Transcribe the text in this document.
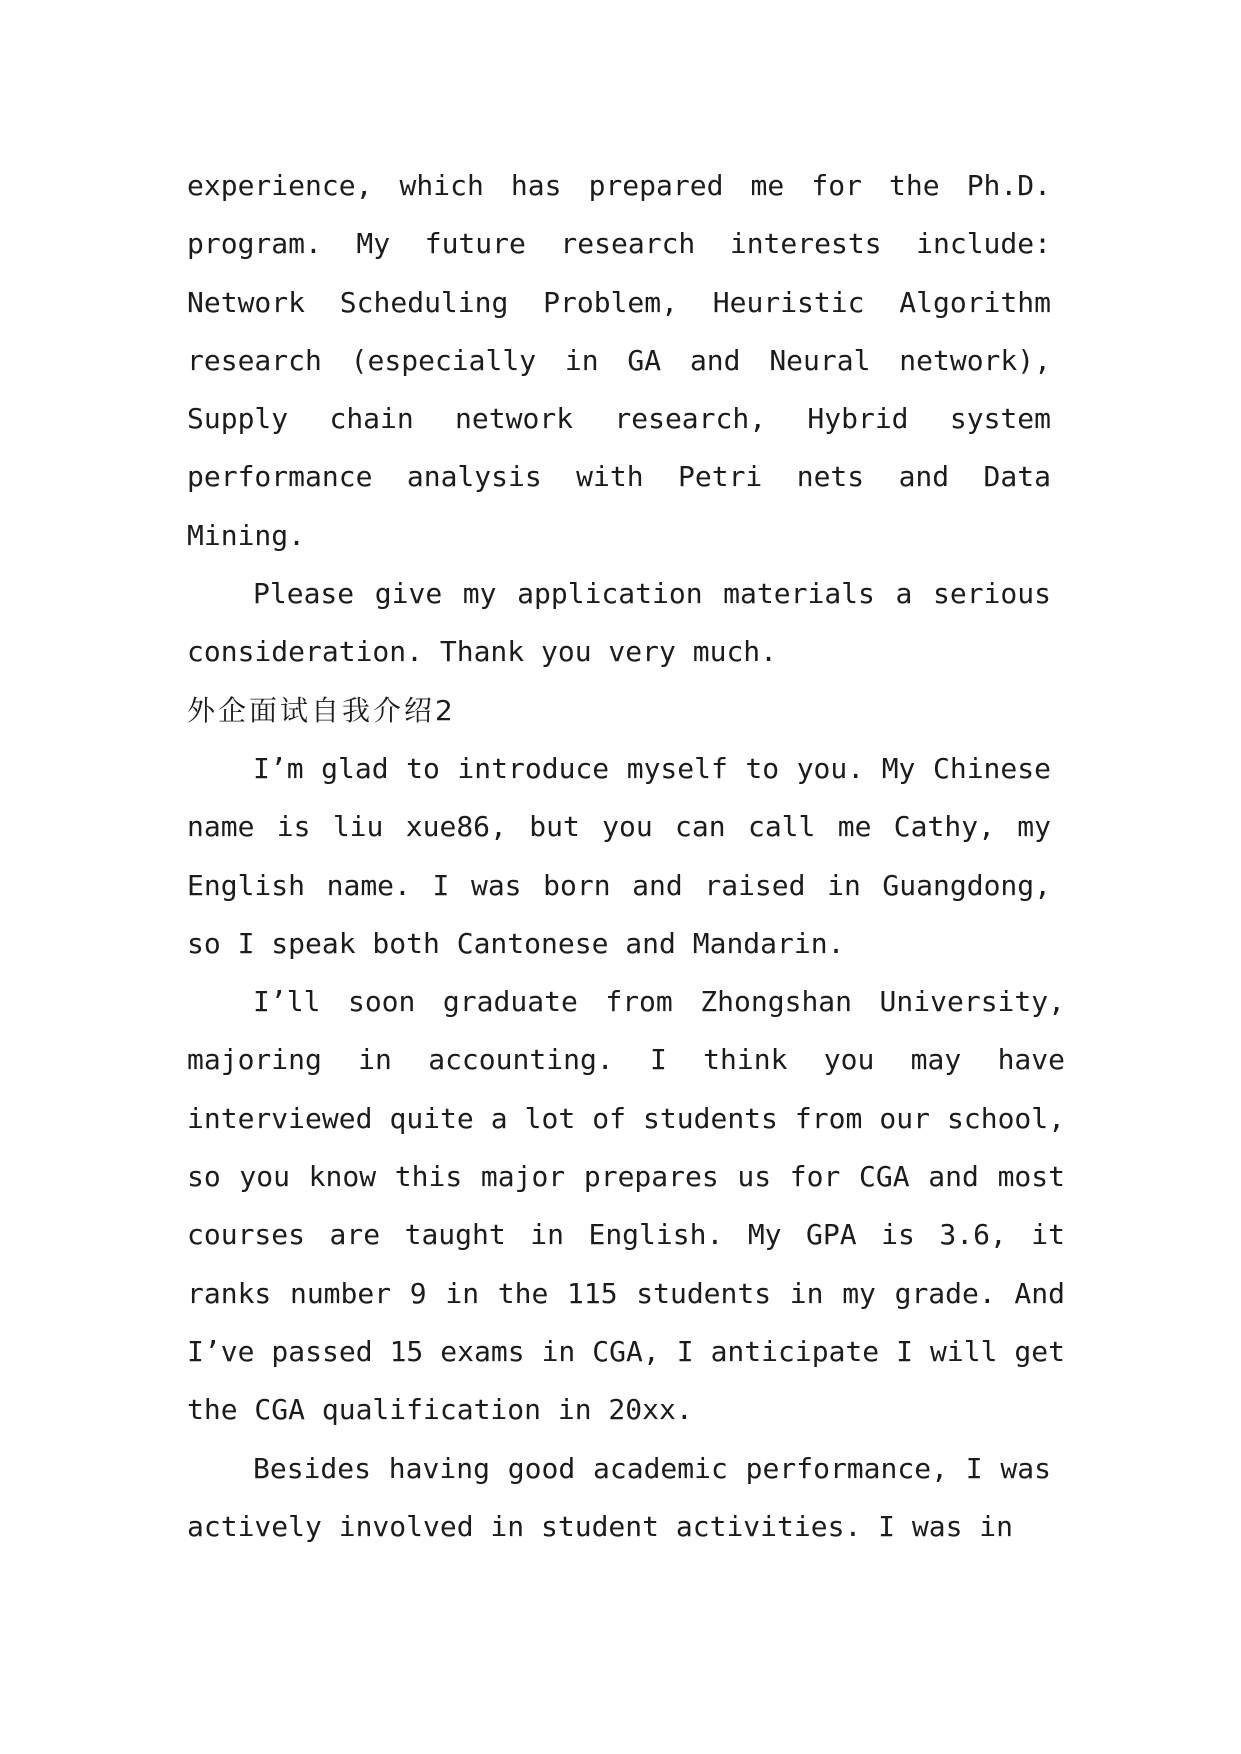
experience, which has prepared me for the Ph.D. program. My future research interests include: Network Scheduling Problem, Heuristic Algorithm research (especially in GA and Neural network), Supply chain network research, Hybrid system performance analysis with Petri nets and Data Mining.

Please give my application materials a serious consideration. Thank you very much.

外企面试自我介绍2

I’m glad to introduce myself to you. My Chinese name is liu xue86, but you can call me Cathy, my English name. I was born and raised in Guangdong, so I speak both Cantonese and Mandarin.

I’ll soon graduate from Zhongshan University, majoring in accounting. I think you may have interviewed quite a lot of students from our school, so you know this major prepares us for CGA and most courses are taught in English. My GPA is 3.6, it ranks number 9 in the 115 students in my grade. And I’ve passed 15 exams in CGA, I anticipate I will get the CGA qualification in 20xx.

Besides having good academic performance, I was actively involved in student activities. I was in
